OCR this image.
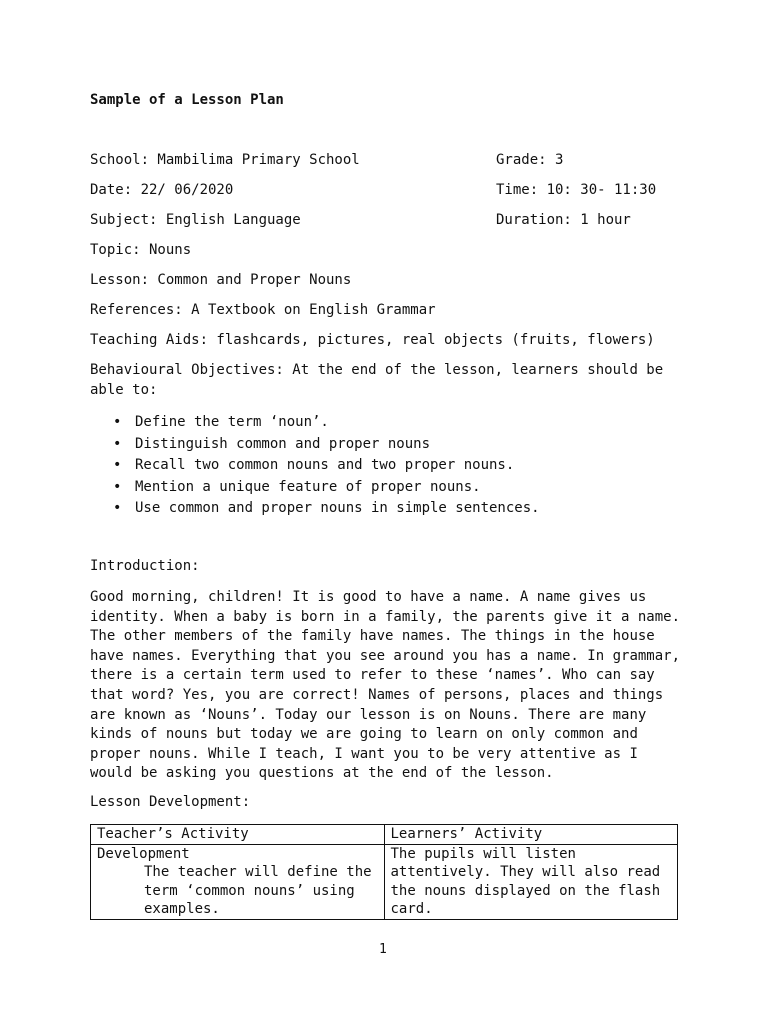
Sample of a Lesson Plan
School: Mambilima Primary School	Grade: 3
Date: 22/ 06/2020	Time: 10: 30- 11:30
Subject: English Language	Duration: 1 hour
Topic: Nouns
Lesson: Common and Proper Nouns
References: A Textbook on English Grammar
Teaching Aids: flashcards, pictures, real objects (fruits, flowers)
Behavioural Objectives: At the end of the lesson, learners should be
able to:
• Define the term ‘noun’.
• Distinguish common and proper nouns
• Recall two common nouns and two proper nouns.
• Mention a unique feature of proper nouns.
• Use common and proper nouns in simple sentences.
Introduction:
Good morning, children! It is good to have a name. A name gives us identity. When a baby is born in a family, the parents give it a name. The other members of the family have names. The things in the house have names. Everything that you see around you has a name. In grammar, there is a certain term used to refer to these ‘names’. Who can say that word? Yes, you are correct! Names of persons, places and things are known as ‘Nouns’. Today our lesson is on Nouns. There are many kinds of nouns but today we are going to learn on only common and proper nouns. While I teach, I want you to be very attentive as I would be asking you questions at the end of the lesson.
Lesson Development:
Teacher’s Activity	Learners’ Activity

Development
The teacher will define the term ‘common nouns’ using examples.	The pupils will listen attentively. They will also read the nouns displayed on the flash card.
1
